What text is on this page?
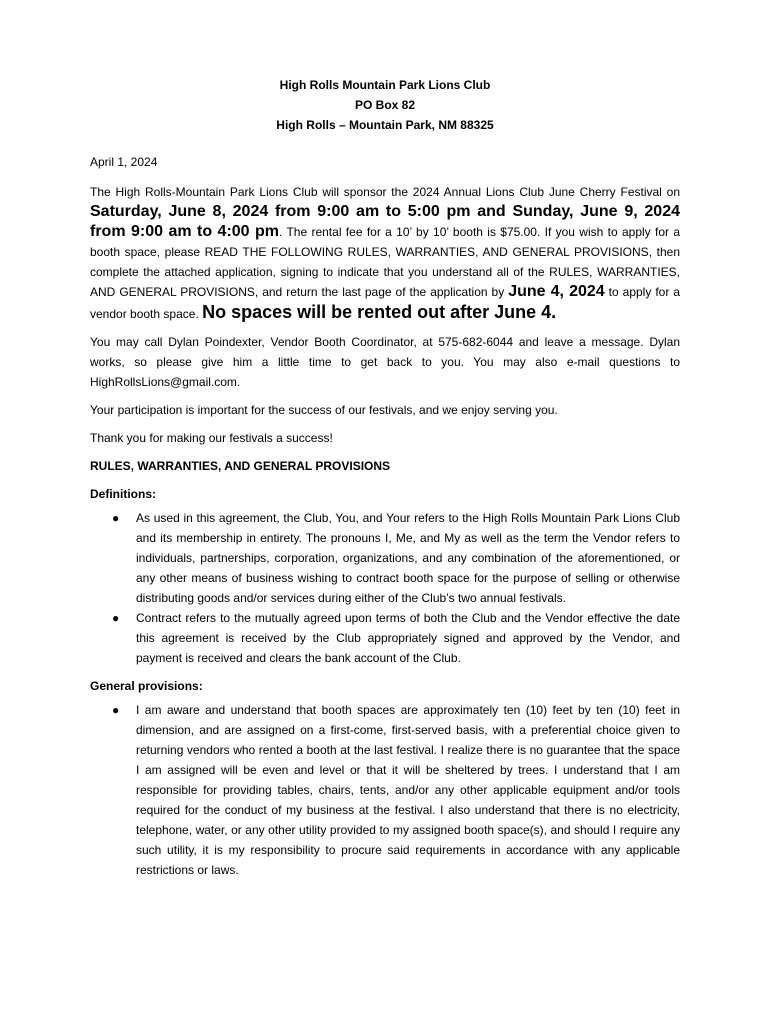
High Rolls Mountain Park Lions Club
PO Box 82
High Rolls – Mountain Park, NM 88325

April 1, 2024

The High Rolls-Mountain Park Lions Club will sponsor the 2024 Annual Lions Club June Cherry Festival on Saturday, June 8, 2024 from 9:00 am to 5:00 pm and Sunday, June 9, 2024 from 9:00 am to 4:00 pm. The rental fee for a 10’ by 10’ booth is $75.00. If you wish to apply for a booth space, please READ THE FOLLOWING RULES, WARRANTIES, AND GENERAL PROVISIONS, then complete the attached application, signing to indicate that you understand all of the RULES, WARRANTIES, AND GENERAL PROVISIONS, and return the last page of the application by June 4, 2024 to apply for a vendor booth space. No spaces will be rented out after June 4.

You may call Dylan Poindexter, Vendor Booth Coordinator, at 575-682-6044 and leave a message. Dylan works, so please give him a little time to get back to you. You may also e-mail questions to HighRollsLions@gmail.com.

Your participation is important for the success of our festivals, and we enjoy serving you.

Thank you for making our festivals a success!

RULES, WARRANTIES, AND GENERAL PROVISIONS

Definitions:

● As used in this agreement, the Club, You, and Your refers to the High Rolls Mountain Park Lions Club and its membership in entirety. The pronouns I, Me, and My as well as the term the Vendor refers to individuals, partnerships, corporation, organizations, and any combination of the aforementioned, or any other means of business wishing to contract booth space for the purpose of selling or otherwise distributing goods and/or services during either of the Club’s two annual festivals.
● Contract refers to the mutually agreed upon terms of both the Club and the Vendor effective the date this agreement is received by the Club appropriately signed and approved by the Vendor, and payment is received and clears the bank account of the Club.

General provisions:

● I am aware and understand that booth spaces are approximately ten (10) feet by ten (10) feet in dimension, and are assigned on a first-come, first-served basis, with a preferential choice given to returning vendors who rented a booth at the last festival. I realize there is no guarantee that the space I am assigned will be even and level or that it will be sheltered by trees. I understand that I am responsible for providing tables, chairs, tents, and/or any other applicable equipment and/or tools required for the conduct of my business at the festival. I also understand that there is no electricity, telephone, water, or any other utility provided to my assigned booth space(s), and should I require any such utility, it is my responsibility to procure said requirements in accordance with any applicable restrictions or laws.
